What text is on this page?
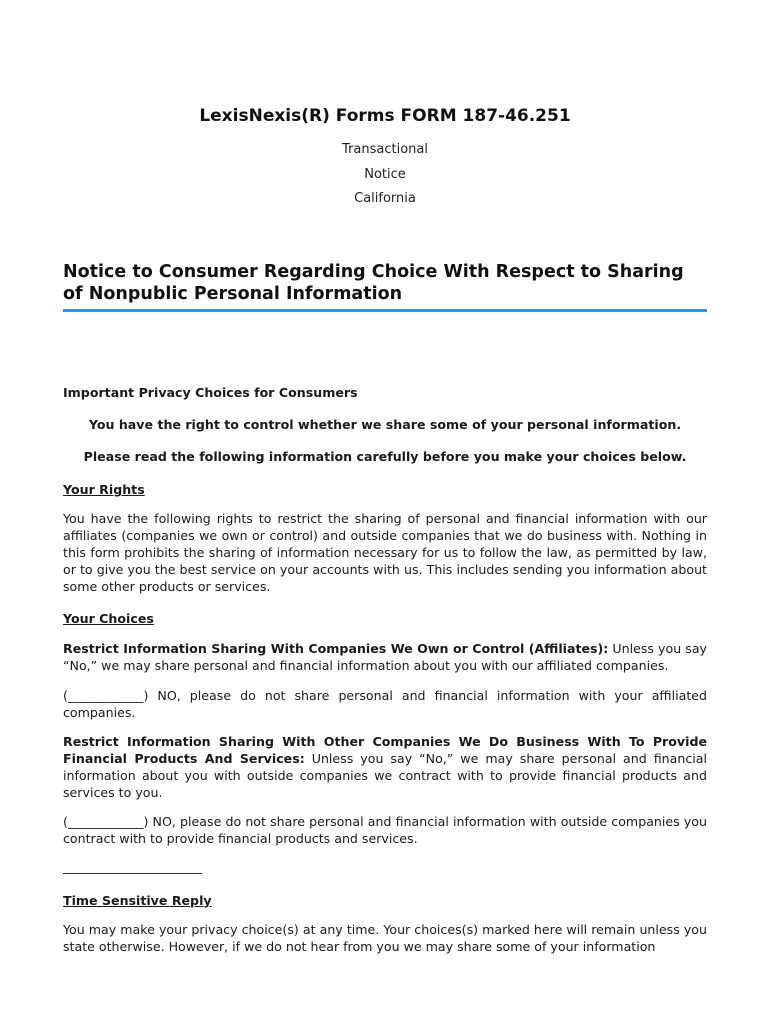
LexisNexis(R) Forms FORM 187-46.251
Transactional
Notice
California
Notice to Consumer Regarding Choice With Respect to Sharing of Nonpublic Personal Information
Important Privacy Choices for Consumers
You have the right to control whether we share some of your personal information.
Please read the following information carefully before you make your choices below.
Your Rights
You have the following rights to restrict the sharing of personal and financial information with our affiliates (companies we own or control) and outside companies that we do business with. Nothing in this form prohibits the sharing of information necessary for us to follow the law, as permitted by law, or to give you the best service on your accounts with us. This includes sending you information about some other products or services.
Your Choices
Restrict Information Sharing With Companies We Own or Control (Affiliates): Unless you say “No,” we may share personal and financial information about you with our affiliated companies.
(____________) NO, please do not share personal and financial information with your affiliated companies.
Restrict Information Sharing With Other Companies We Do Business With To Provide Financial Products And Services: Unless you say “No,” we may share personal and financial information about you with outside companies we contract with to provide financial products and services to you.
(____________) NO, please do not share personal and financial information with outside companies you contract with to provide financial products and services.
Time Sensitive Reply
You may make your privacy choice(s) at any time. Your choices(s) marked here will remain unless you state otherwise. However, if we do not hear from you we may share some of your information
